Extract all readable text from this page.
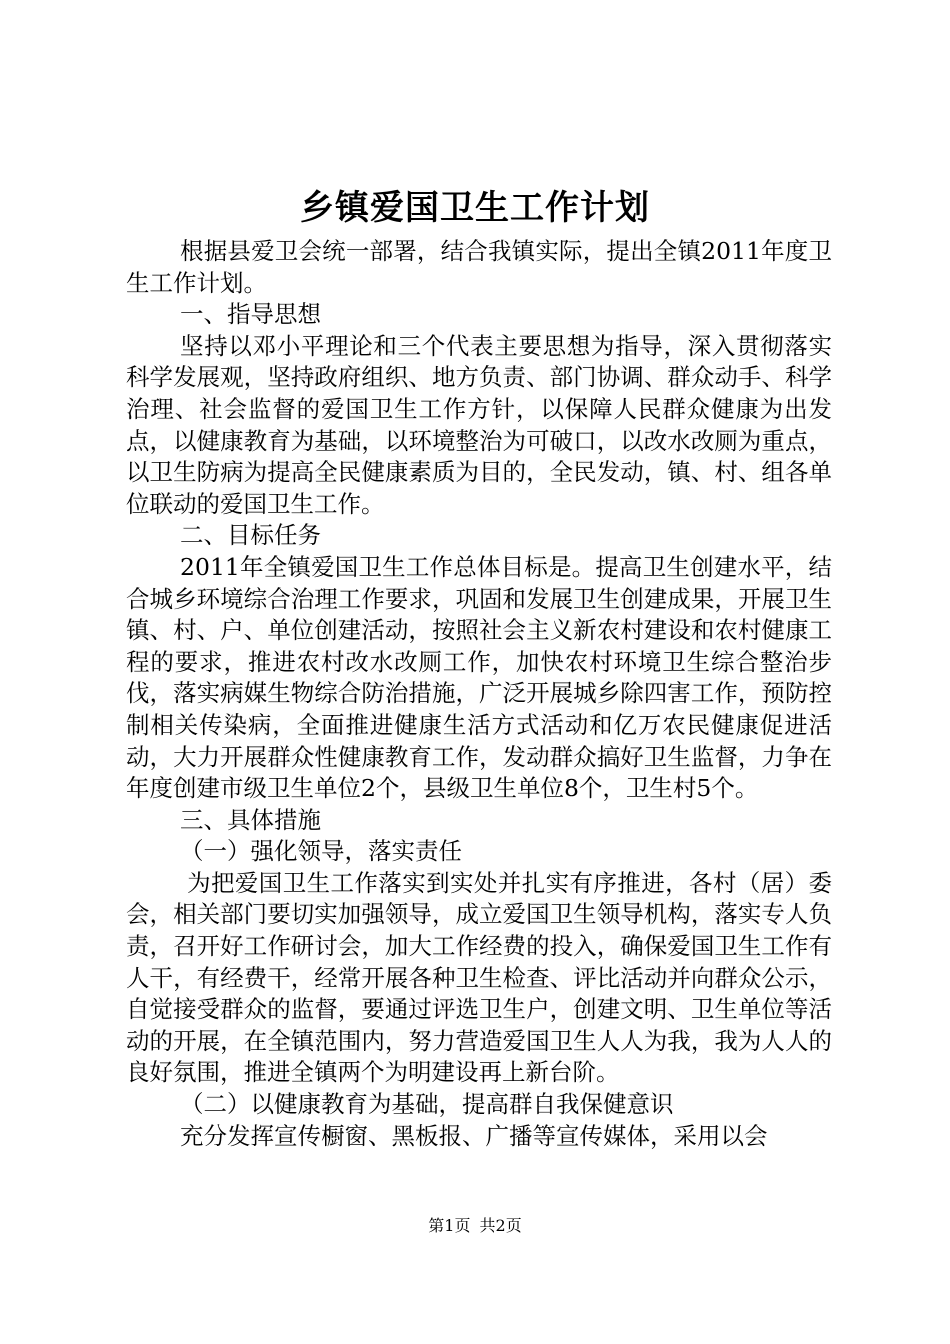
乡镇爱国卫生工作计划

根据县爱卫会统一部署，结合我镇实际，提出全镇2011年度卫生工作计划。

一、指导思想

坚持以邓小平理论和三个代表主要思想为指导，深入贯彻落实科学发展观，坚持政府组织、地方负责、部门协调、群众动手、科学治理、社会监督的爱国卫生工作方针，以保障人民群众健康为出发点，以健康教育为基础，以环境整治为可破口，以改水改厕为重点，以卫生防病为提高全民健康素质为目的，全民发动，镇、村、组各单位联动的爱国卫生工作。

二、目标任务

2011年全镇爱国卫生工作总体目标是。提高卫生创建水平，结合城乡环境综合治理工作要求，巩固和发展卫生创建成果，开展卫生镇、村、户、单位创建活动，按照社会主义新农村建设和农村健康工程的要求，推进农村改水改厕工作，加快农村环境卫生综合整治步伐，落实病媒生物综合防治措施，广泛开展城乡除四害工作，预防控制相关传染病，全面推进健康生活方式活动和亿万农民健康促进活动，大力开展群众性健康教育工作，发动群众搞好卫生监督，力争在年度创建市级卫生单位2个，县级卫生单位8个，卫生村5个。

三、具体措施

（一）强化领导，落实责任

为把爱国卫生工作落实到实处并扎实有序推进，各村（居）委会，相关部门要切实加强领导，成立爱国卫生领导机构，落实专人负责，召开好工作研讨会，加大工作经费的投入，确保爱国卫生工作有人干，有经费干，经常开展各种卫生检查、评比活动并向群众公示，自觉接受群众的监督，要通过评选卫生户，创建文明、卫生单位等活动的开展，在全镇范围内，努力营造爱国卫生人人为我，我为人人的良好氛围，推进全镇两个为明建设再上新台阶。

（二）以健康教育为基础，提高群自我保健意识

充分发挥宣传橱窗、黑板报、广播等宣传媒体，采用以会

第1页 共2页
